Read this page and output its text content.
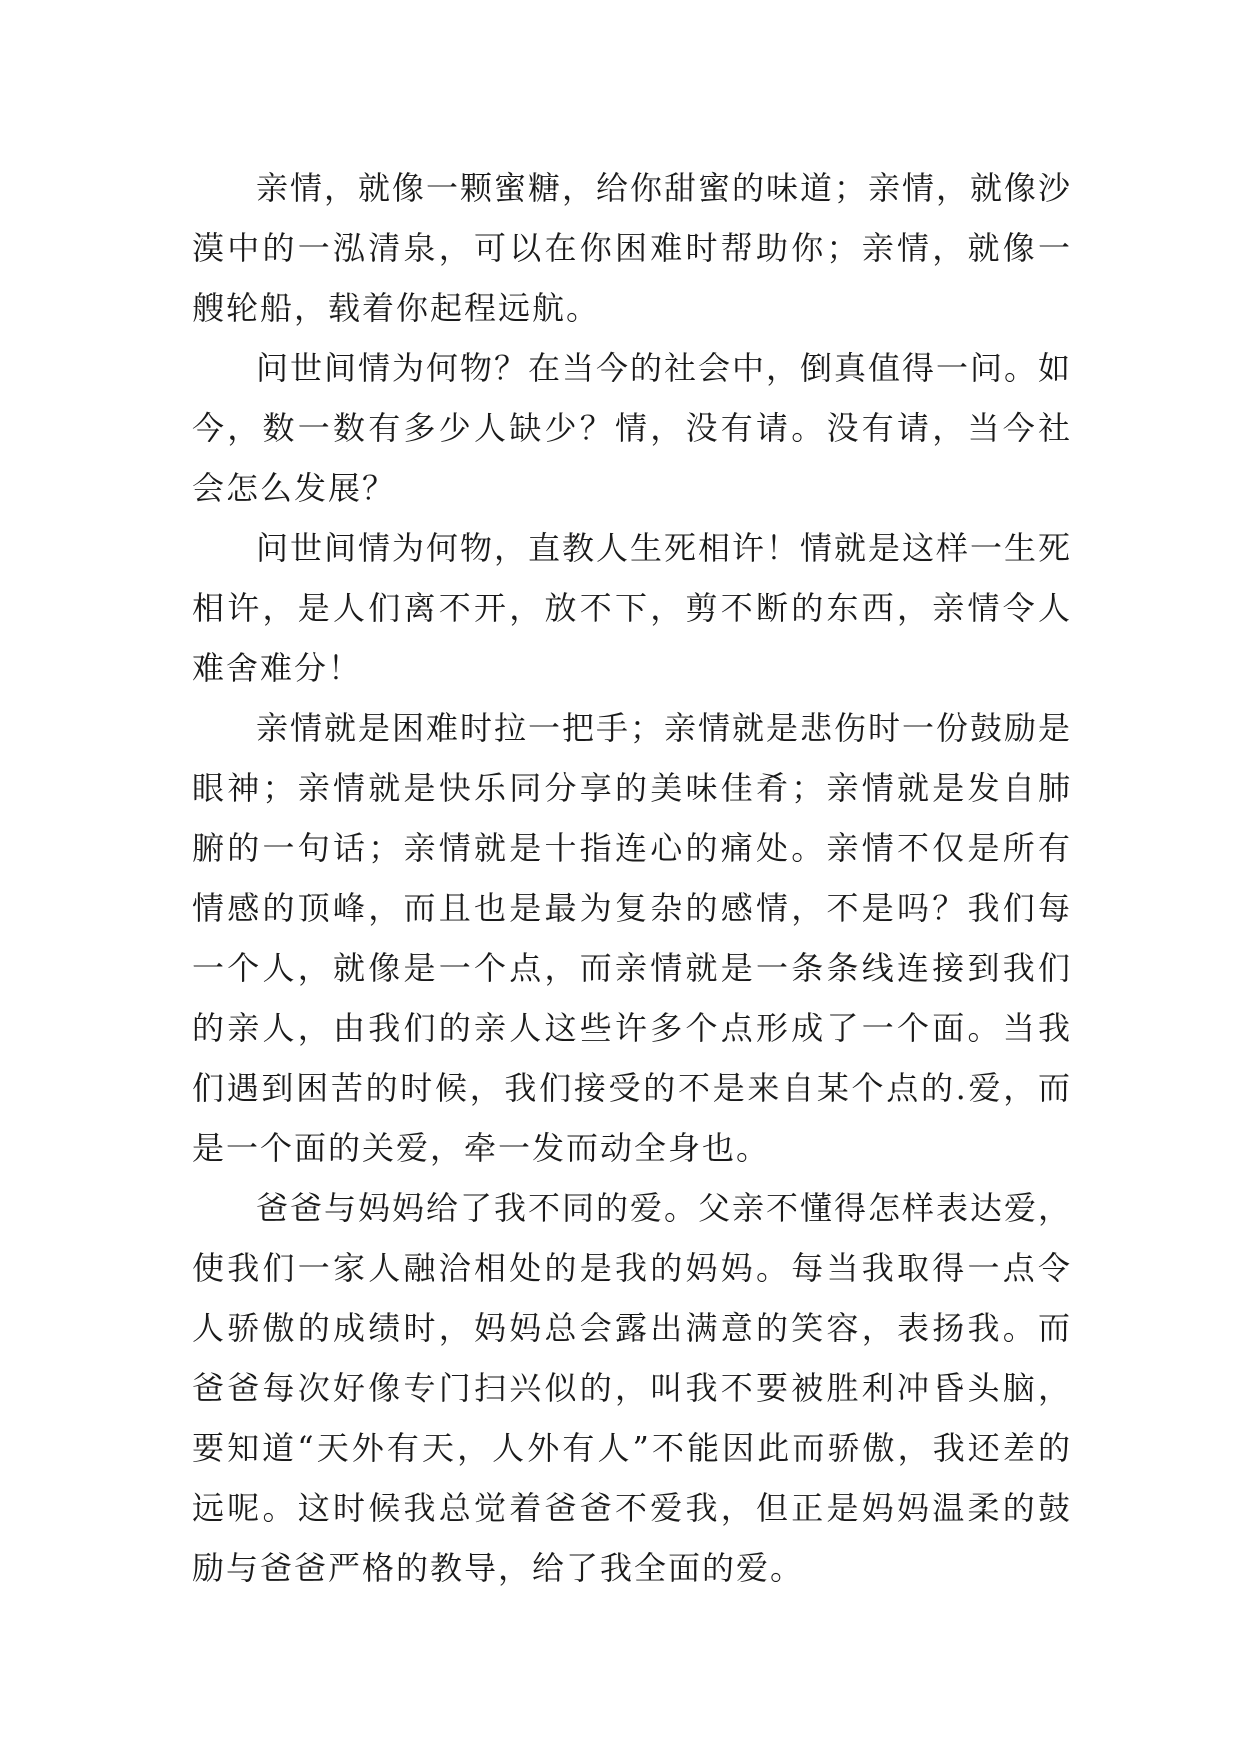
亲情，就像一颗蜜糖，给你甜蜜的味道；亲情，就像沙漠中的一泓清泉，可以在你困难时帮助你；亲情，就像一艘轮船，载着你起程远航。

问世间情为何物？在当今的社会中，倒真值得一问。如今，数一数有多少人缺少？情，没有请。没有请，当今社会怎么发展？

问世间情为何物，直教人生死相许！情就是这样一生死相许，是人们离不开，放不下，剪不断的东西，亲情令人难舍难分！

亲情就是困难时拉一把手；亲情就是悲伤时一份鼓励是眼神；亲情就是快乐同分享的美味佳肴；亲情就是发自肺腑的一句话；亲情就是十指连心的痛处。亲情不仅是所有情感的顶峰，而且也是最为复杂的感情，不是吗？我们每一个人，就像是一个点，而亲情就是一条条线连接到我们的亲人，由我们的亲人这些许多个点形成了一个面。当我们遇到困苦的时候，我们接受的不是来自某个点的.爱，而是一个面的关爱，牵一发而动全身也。

爸爸与妈妈给了我不同的爱。父亲不懂得怎样表达爱，使我们一家人融洽相处的是我的妈妈。每当我取得一点令人骄傲的成绩时，妈妈总会露出满意的笑容，表扬我。而爸爸每次好像专门扫兴似的，叫我不要被胜利冲昏头脑，要知道“天外有天，人外有人”不能因此而骄傲，我还差的远呢。这时候我总觉着爸爸不爱我，但正是妈妈温柔的鼓励与爸爸严格的教导，给了我全面的爱。
